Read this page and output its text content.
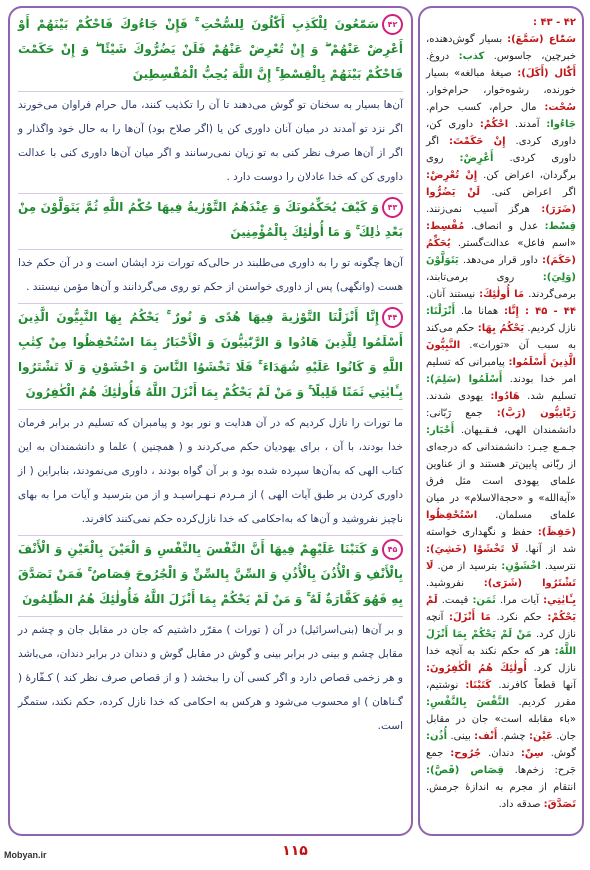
۴۲سَمّٰعُونَ لِلْكَذِبِ أَكّٰلُونَ لِلسُّحْتِ ۚ فَإِنْ جَاءُوكَ فَاحْكُمْ بَيْنَهُمْ أَوْ أَعْرِضْ عَنْهُمْ ۖ وَ إِنْ تُعْرِضْ عَنْهُمْ فَلَنْ يَضُرُّوكَ شَيْئًا ۖ وَ إِنْ حَكَمْتَ فَاحْكُمْ بَيْنَهُمْ بِالْقِسْطِ ۚ إِنَّ اللَّهَ يُحِبُّ الْمُقْسِطِينَ
آن‌ها بسیار به سخنان تو گوش می‌دهند تا آن را تکذیب کنند، مال حرام فراوان می‌خورند اگر نزد تو آمدند در میان آنان داوری کن یا (اگر صلاح بود) آن‌ها را به حال خود واگذار و اگر از آن‌ها صرف نظر کنی به تو زیان نمی‌رسانند و اگر میان آن‌ها داوری کنی با عدالت داوری کن که خدا عادلان را دوست دارد .
۴۳وَ كَيْفَ يُحَكِّمُونَكَ وَ عِنْدَهُمُ التَّوْرٰيةُ فِيهَا حُكْمُ اللَّهِ ثُمَّ يَتَوَلَّوْنَ مِنْ بَعْدِ ذٰلِكَ ۚ وَ مَا أُولٰئِكَ بِالْمُؤْمِنِينَ
آن‌ها چگونه تو را به داوری می‌طلبند در حالی‌که تورات نزد ایشان است و در آن حکم خدا هست (وانگهی) پس از داوری خواستن از حکم تو روی می‌گردانند و آن‌ها مؤمن نیستند .
۴۴إِنَّا أَنْزَلْنَا التَّوْرٰيةَ فِيهَا هُدًى وَ نُورٌ ۚ يَحْكُمُ بِهَا النَّبِيُّونَ الَّذِينَ أَسْلَمُوا لِلَّذِينَ هَادُوا وَ الرَّبّٰنِيُّونَ وَ الْأَحْبَارُ بِمَا اسْتُحْفِظُوا مِنْ كِتٰبِ اللَّهِ وَ كَانُوا عَلَيْهِ شُهَدَاءَ ۚ فَلَا تَخْشَوُا النَّاسَ وَ اخْشَوْنِ وَ لَا تَشْتَرُوا بِـَٔايٰتِي ثَمَنًا قَلِيلًا ۚ وَ مَنْ لَمْ يَحْكُمْ بِمَا أَنْزَلَ اللَّهُ فَأُولٰئِكَ هُمُ الْكٰفِرُونَ
ما تورات را نازل کردیم که در آن هدایت و نور بود و پیامبران که تسلیم در برابر فرمان خدا بودند، با آن ، برای یهودیان حکم می‌کردند و ( همچنین ) علما و دانشمندان به این کتاب الهی که به‌آن‌ها سپرده شده بود و بر آن گواه بودند ، داوری می‌نمودند، بنابراین ( از داوری کردن بر طبق آیات الهی ) از مـردم نـهـراسیـد و از من بترسید و آیات مرا به بهای ناچیز نفروشید و آن‌ها که به‌احکامی که خدا نازل‌کرده حکم نمی‌کنند کافرند.
۴۵وَ كَتَبْنَا عَلَيْهِمْ فِيهَا أَنَّ النَّفْسَ بِالنَّفْسِ وَ الْعَيْنَ بِالْعَيْنِ وَ الْأَنْفَ بِالْأَنْفِ وَ الْأُذُنَ بِالْأُذُنِ وَ السِّنَّ بِالسِّنِّ وَ الْجُرُوحَ قِصَاصٌ ۚ فَمَنْ تَصَدَّقَ بِهِ فَهُوَ كَفَّارَةٌ لَهُ ۚ وَ مَنْ لَمْ يَحْكُمْ بِمَا أَنْزَلَ اللَّهُ فَأُولٰئِكَ هُمُ الظّٰلِمُونَ
و بر آن‌ها (بنی‌اسرائیل) در آن ( تورات ) مقرّر داشتیم که جان در مقابل جان و چشم در مقابل چشم و بینی در برابر بینی و گوش در مقابل گوش و دندان در برابر دندان، می‌باشد و هر زخمی قصاص دارد و اگر کسی آن را ببخشد ( و از قصاص صرف نظر کند ) کـفّارهٔ ( گـناهان ) او محسوب می‌شود و هرکس به احکامی که خدا نازل کرده، حکم نکند، ستمگر است.

۴۲ - ۴۳ :

سَمّٰاع (سَمَّعَ): بسیار گوش‌دهنده، خبرچین، جاسوس. كذب: دروغ. أَكّٰال (أَكَلَ): صیغهٔ مبالغه» بسیار خورنده، رشوه‌خوار، حرام‌خوار. سُحْت: مال حرام، کسب حرام. جَاءُوا: آمدند. احْكُمْ: داوری کن، داوری کردی. إِنْ حَكَمْتَ: اگر داوری کردی. أَعْرِضْ: روی برگردان، اعراض کن. إِنْ تُعْرِضْ: اگر اعراض کنی. لَنْ يَضُرُّوا (ضَرَرَ): هرگز آسیب نمی‌زنند. قِسْط: عدل و انصاف. مُقْسِط: «اسم فاعل» عدالت‌گستر. يُحَكِّمُ (حَكَمَ): داور قرار می‌دهد. يَتَوَلَّوْنَ (وَلِيَ): روی برمی‌تابند، برمی‌گردند. مَا أُولٰئِكَ: نیستند آنان. ۴۴ - ۴۵ : إِنَّا: همانا ما. أَنْزَلْنَا: نازل کردیم. يَحْكُمُ بِهَا: حکم می‌کند به سبب آن «تورات». النَّبِيُّونَ الَّذِينَ أَسْلَمُوا: پیامبرانی که تسلیم امر خدا بودند. أَسْلَمُوا (سَلِمَ): تسلیم شد. هَادُوا: یهودی شدند. رَبَّانِيُّون (رَبَّ): جمع رَبّانی: دانشمندان الهی، فـقـیهان. أَحْبَار: جـمـع حِبـر: دانشمندانی که درجه‌ای از ربّانی پایین‌تر هستند و از عناوین علمای یهودی است مثل فرق «آیةالله» و «حجةالاسلام» در میان علمای مسلمان. اسْتُحْفِظُوا (حَفِظَ): حفظ و نگهداری خواسته شد از آنها. لَا تَخْشَوْا (خَشِيَ): نترسید. اخْشَوْنِ: بترسید از من. لَا تَشْتَرُوا (شَرَى): نفروشید. بِـَٔايٰتِي: آیات مرا. ثَمَن: قیمت. لَمْ يَحْكُمْ: حکم نکرد. مَا أَنْزَلَ: آنچه نازل کرد. مَنْ لَمْ يَحْكُمْ بِمَا أَنْزَلَ اللَّهُ: هر که حکم نکند به آنچه خدا نازل کرد. أُولٰئِكَ هُمُ الْكٰفِرُونَ: آنها قطعاً کافرند. كَتَبْنَا: نوشتیم، مقرر کردیم. النَّفْسَ بِالنَّفْسِ: «باء مقابله است» جان در مقابل جان. عَيْن: چشم. أَنْف: بینی. أُذُن: گوش. سِنّ: دندان. جُرُوح: جمع جَرح: زخم‌ها. قِصَاص (قَصَّ): انتقام از مجرم به اندازهٔ جرمش. تَصَدَّقَ: صدقه داد.
۱۱۵
Mobyan.ir
